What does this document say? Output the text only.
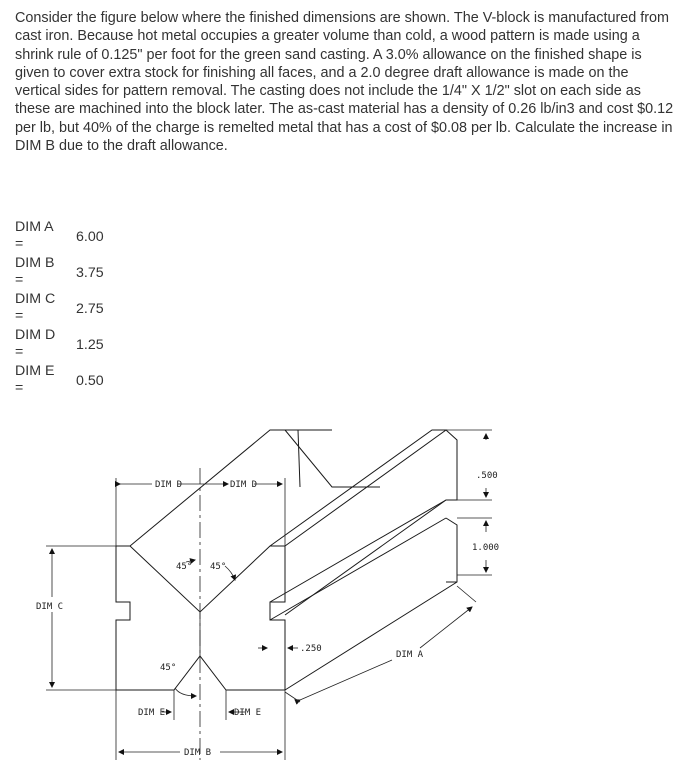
Consider the figure below where the finished dimensions are shown. The V-block is manufactured from cast iron. Because hot metal occupies a greater volume than cold, a wood pattern is made using a shrink rule of 0.125" per foot for the green sand casting. A 3.0% allowance on the finished shape is given to cover extra stock for finishing all faces, and a 2.0 degree draft allowance is made on the vertical sides for pattern removal. The casting does not include the 1/4" X 1/2" slot on each side as these are machined into the block later. The as-cast material has a density of 0.26 lb/in3 and cost $0.12 per lb, but 40% of the charge is remelted metal that has a cost of $0.08 per lb. Calculate the increase in DIM B due to the draft allowance.

DIM A =	6.00
DIM B =	3.75
DIM C =	2.75
DIM D =	1.25
DIM E =	0.50
DIM D	DIM D
45° 45°
45°
DIM C
DIM E	DIM E
DIM B
.250
DIM A
.500
1.000
